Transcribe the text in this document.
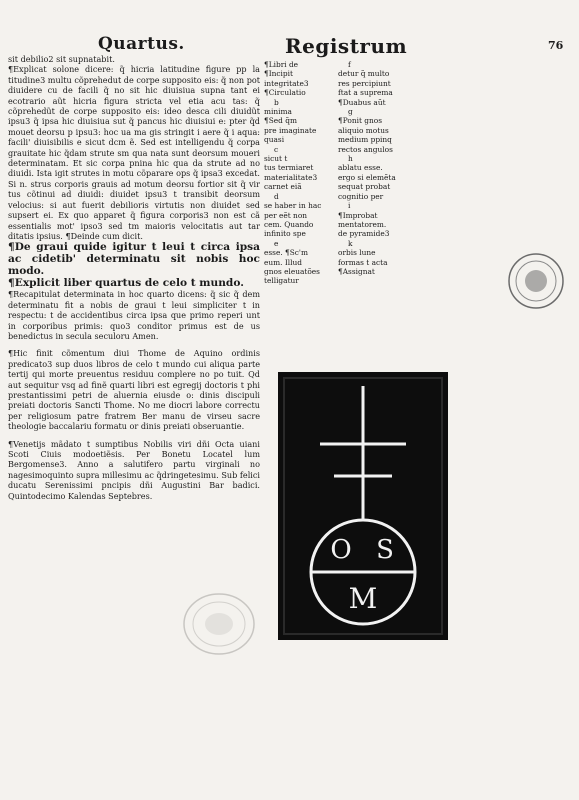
Quartus.	Registrum	76

sit debilio2 sit supnatabit.

¶Explicat solone dicere: q̃ hicria latitudine figure pp la titudine3 multu cõprehedut de corpe supposito eis: q̃ non pot diuidere cu de facili q̃ no sit hic diuisiua supna tant ei ecotrario aũt hicria figura stricta vel etia acu tas: q̃ cõprehedũt de corpe supposito eis: ideo desca cili diuidũt ipsu3 q̃ ipsa hic diuisiua sut q̃ pancus hic diuisiui e: pter q̃d mouet deorsu p ipsu3: hoc ua ma gis stringit i aere q̃ i aqua: facili' diuisibilis e sicut dcm ẽ. Sed est intelligendu q̃ corpa grauitate hic q̃dam strute sm qua nata sunt deorsum moueri determinatam. Et sic corpa pnina hic qua da strute ad no diuidi. Ista igit strutes in motu cõparare ops q̃ ipsa3 excedat. Si n. strus corporis grauis ad motum deorsu fortior sit q̃ vir tus cõtinui ad diuidi: diuidet ipsu3 t transibit deorsum velocius: si aut fuerit debilioris virtutis non diuidet sed supsert ei. Ex quo apparet q̃ figura corporis3 non est cã essentialis mot' ipso3 sed tm maioris velocitatis aut tar ditatis ipsius. ¶Deinde cum dicit.

¶De graui quide igitur t leui t circa ipsa ac cidetib' determinatu sit nobis hoc modo.

¶Explicit liber quartus de celo t mundo.

¶Recapitulat determinata in hoc quarto dicens: q̃ sic q̃ dem determinatu fit a nobis de graui t leui simpliciter t in respectu: t de accidentibus circa ipsa que primo reperi unt in corporibus primis: quo3 conditor primus est de us benedictus in secula seculoru Amen.

¶Hic finit cõmentum diui Thome de Aquino ordinis predicato3 sup duos libros de celo t mundo cui aliqua parte tertij qui morte preuentus residuu complere no po tuit. Qd aut sequitur vsq ad finẽ quarti libri est egregij doctoris t phi prestantissimi petri de aluernia eiusde o: dinis discipuli preiati doctoris Sancti Thome. No me diocri labore correctu per religiosum patre fratrem Ber manu de virseu sacre theologie baccalariu formatu or dinis preiati obseruantie.

¶Venetijs mãdato t sumptibus Nobilis viri dñi Octa uiani Scoti Ciuis modoetiẽsis. Per Bonetu Locatel lum Bergomense3. Anno a salutifero partu virginali no nagesimoquinto supra millesimu ac q̃dringetesimu. Sub felici ducatu Serenissimi pncipis dñi Augustini Bar badici. Quintodecimo Kalendas Septebres.

¶Libri de
¶Incipit
integritate3
¶Circulatio
b
minima
¶Sed q̃m
pre imaginate
quasi
c
sicut t
tus termiaret
materialitate3
carnet eiã
d
se haber in hac
per eẽt non
cem. Quando
infinito spe
e
esse. ¶Sc'm
eum. Illud
gnos eleuatões
telligatur
f
detur q̃ multo
res percipiunt
ftat a suprema
¶Duabus aũt
g
¶Ponit gnos
aliquio motus
medium ppinq
rectos angulos
h
ablatu esse.
ergo si elemẽta
sequat probat
cognitio per
i
¶Improbat
mentatorem.
de pyramide3
k
orbis lune
formas t acta
¶Assignat
O S
M
